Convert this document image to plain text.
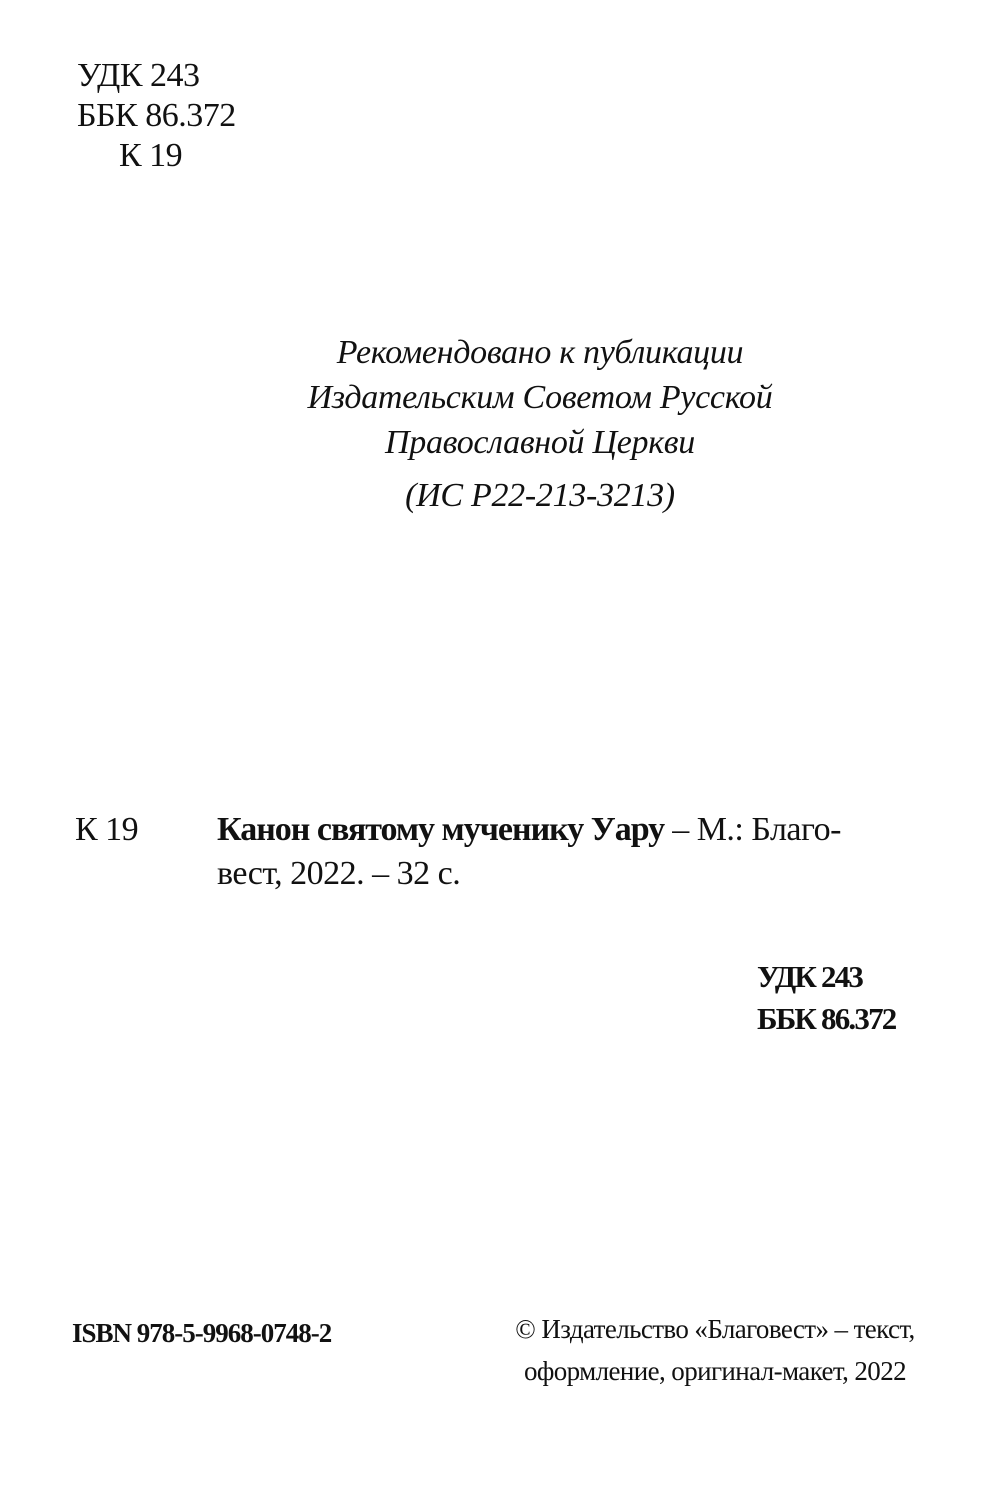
УДК 243
ББК 86.372
К 19
Рекомендовано к публикации
Издательским Советом Русской
Православной Церкви
(ИС Р22-213-3213)
К 19 Канон святому мученику Уару – М.: Благо-
вест, 2022. – 32 с.
УДК 243
ББК 86.372
ISBN 978-5-9968-0748-2	© Издательство «Благовест» – текст,
оформление, оригинал-макет, 2022
